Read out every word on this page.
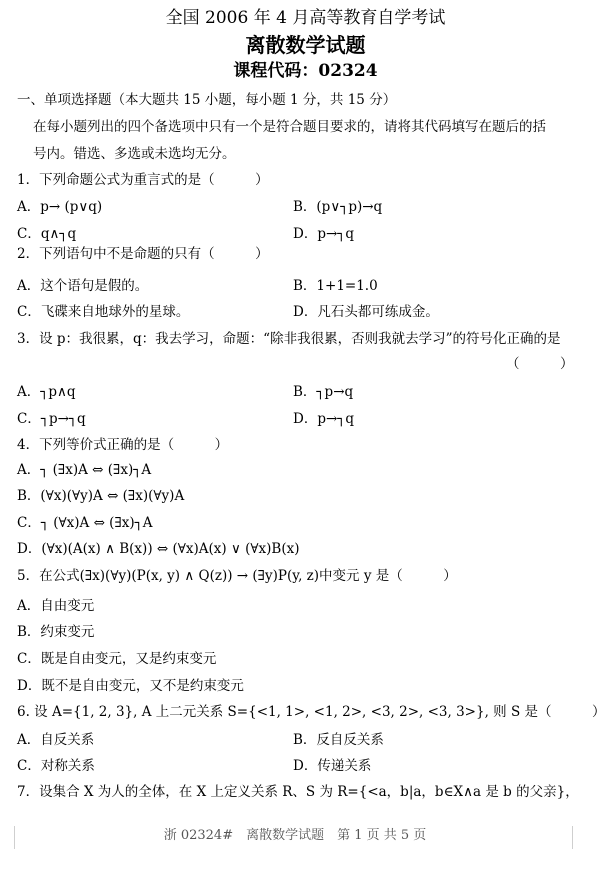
全国 2006 年 4 月高等教育自学考试
离散数学试题
课程代码：02324
一、单项选择题（本大题共 15 小题，每小题 1 分，共 15 分）
在每小题列出的四个备选项中只有一个是符合题目要求的，请将其代码填写在题后的括
号内。错选、多选或未选均无分。
1．下列命题公式为重言式的是（　　　）
A．p→ (p∨q)	B．(p∨┐p)→q
C．q∧┐q	D．p→┐q
2．下列语句中不是命题的只有（　　　）
A．这个语句是假的。	B．1+1=1.0
C．飞碟来自地球外的星球。	D．凡石头都可练成金。
3．设 p：我很累，q：我去学习，命题：“除非我很累，否则我就去学习”的符号化正确的是
（　　　）
A．┐p∧q	B．┐p→q
C．┐p→┐q	D．p→┐q
4．下列等价式正确的是（　　　）
A．┐ (∃x)A ⇔ (∃x)┐A
B．(∀x)(∀y)A ⇔ (∃x)(∀y)A
C．┐ (∀x)A ⇔ (∃x)┐A
D．(∀x)(A(x) ∧ B(x)) ⇔ (∀x)A(x) ∨ (∀x)B(x)
5．在公式(∃x)(∀y)(P(x, y) ∧ Q(z)) → (∃y)P(y, z)中变元 y 是（　　　）
A．自由变元
B．约束变元
C．既是自由变元，又是约束变元
D．既不是自由变元，又不是约束变元
6. 设 A={1, 2, 3}, A 上二元关系 S={<1, 1>, <1, 2>, <3, 2>, <3, 3>}, 则 S 是（　　　）
A．自反关系	B．反自反关系
C．对称关系	D．传递关系
7．设集合 X 为人的全体，在 X 上定义关系 R、S 为 R={<a，b|a，b∈X∧a 是 b 的父亲}，
浙 02324#　离散数学试题　第 1 页 共 5 页
